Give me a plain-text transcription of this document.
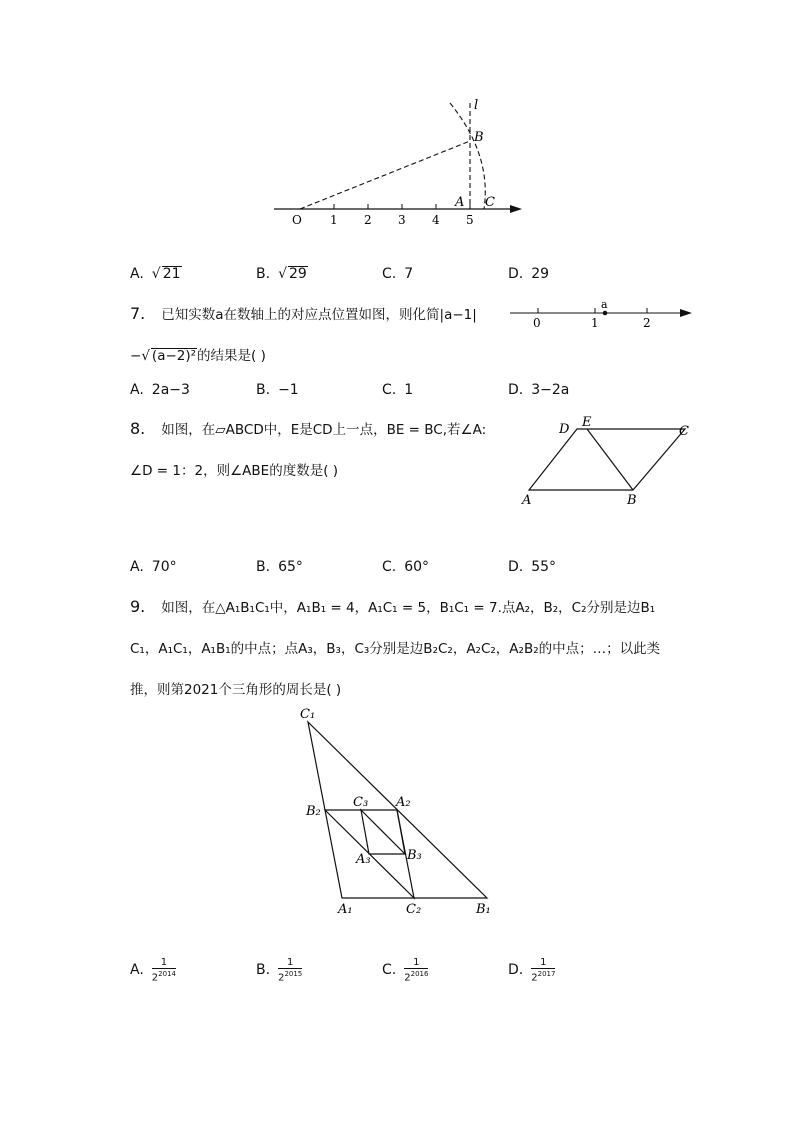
l
B
A C
O 1 2 3 4 5
A. √ 21	B. √ 29	C. 7	D. 29
7. 已知实数a在数轴上的对应点位置如图，则化简|a−1|
−√ (a−2)²的结果是( )
a
0	1	2
A. 2a−3	B. −1	C. 1	D. 3−2a
8. 如图，在▱ABCD中，E是CD上一点，BE = BC,若∠A:
∠D = 1：2，则∠ABE的度数是( )
D E
C
A	B
A. 70°	B. 65°	C. 60°	D. 55°
9. 如图，在△A₁B₁C₁中，A₁B₁ = 4，A₁C₁ = 5，B₁C₁ = 7.点A₂，B₂，C₂分别是边B₁
C₁，A₁C₁，A₁B₁的中点；点A₃，B₃，C₃分别是边B₂C₂，A₂C₂，A₂B₂的中点；…；以此类
推，则第2021个三角形的周长是( )
C₁
B₂
C₃ A₂
A₃	B₃
A₁	C₂	B₁
A. $\frac{1}{2^{2014}}$	B. $\frac{1}{2^{2015}}$	C. $\frac{1}{2^{2016}}$	D. $\frac{1}{2^{2017}}$
